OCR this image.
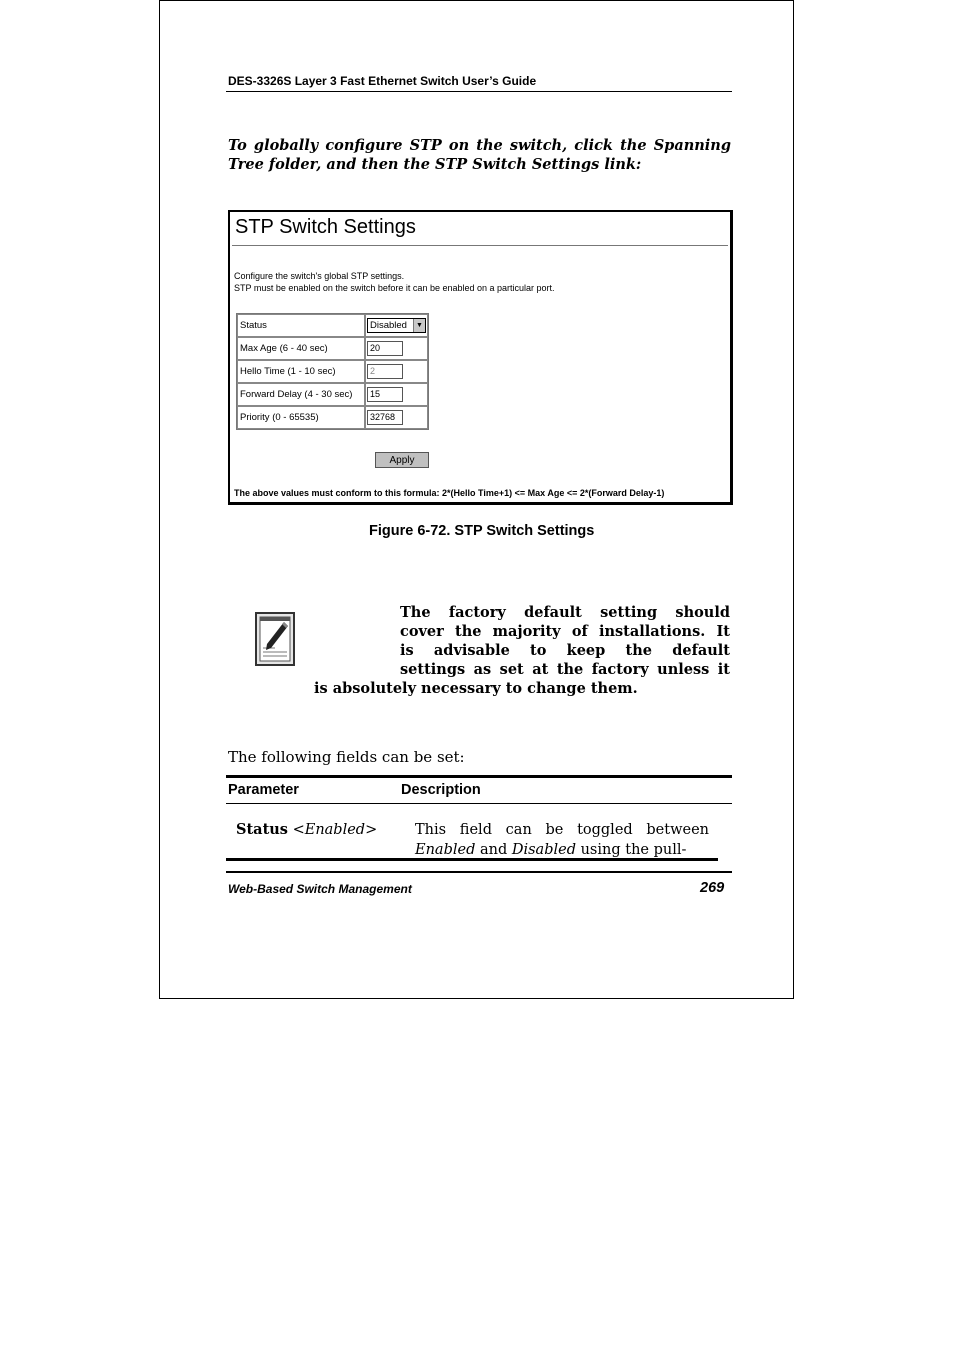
DES-3326S Layer 3 Fast Ethernet Switch User’s Guide
To globally configure STP on the switch, click the Spanning Tree folder, and then the STP Switch Settings link:
STP Switch Settings
Configure the switch's global STP settings.
STP must be enabled on the switch before it can be enabled on a particular port.
Status	Disabled ▼

Max Age (6 - 40 sec)	20
Hello Time (1 - 10 sec)	2
Forward Delay (4 - 30 sec)	15
Priority (0 - 65535)	32768
Apply
The above values must conform to this formula: 2*(Hello Time+1) <= Max Age <= 2*(Forward Delay-1)
Figure 6-72. STP Switch Settings
The factory default setting should
cover the majority of installations. It
is advisable to keep the default
settings as set at the factory unless it
is absolutely necessary to change them.
The following fields can be set:
Parameter	Description
Status <Enabled>	This field can be toggled between Enabled and Disabled using the pull-
Web-Based Switch Management	269
